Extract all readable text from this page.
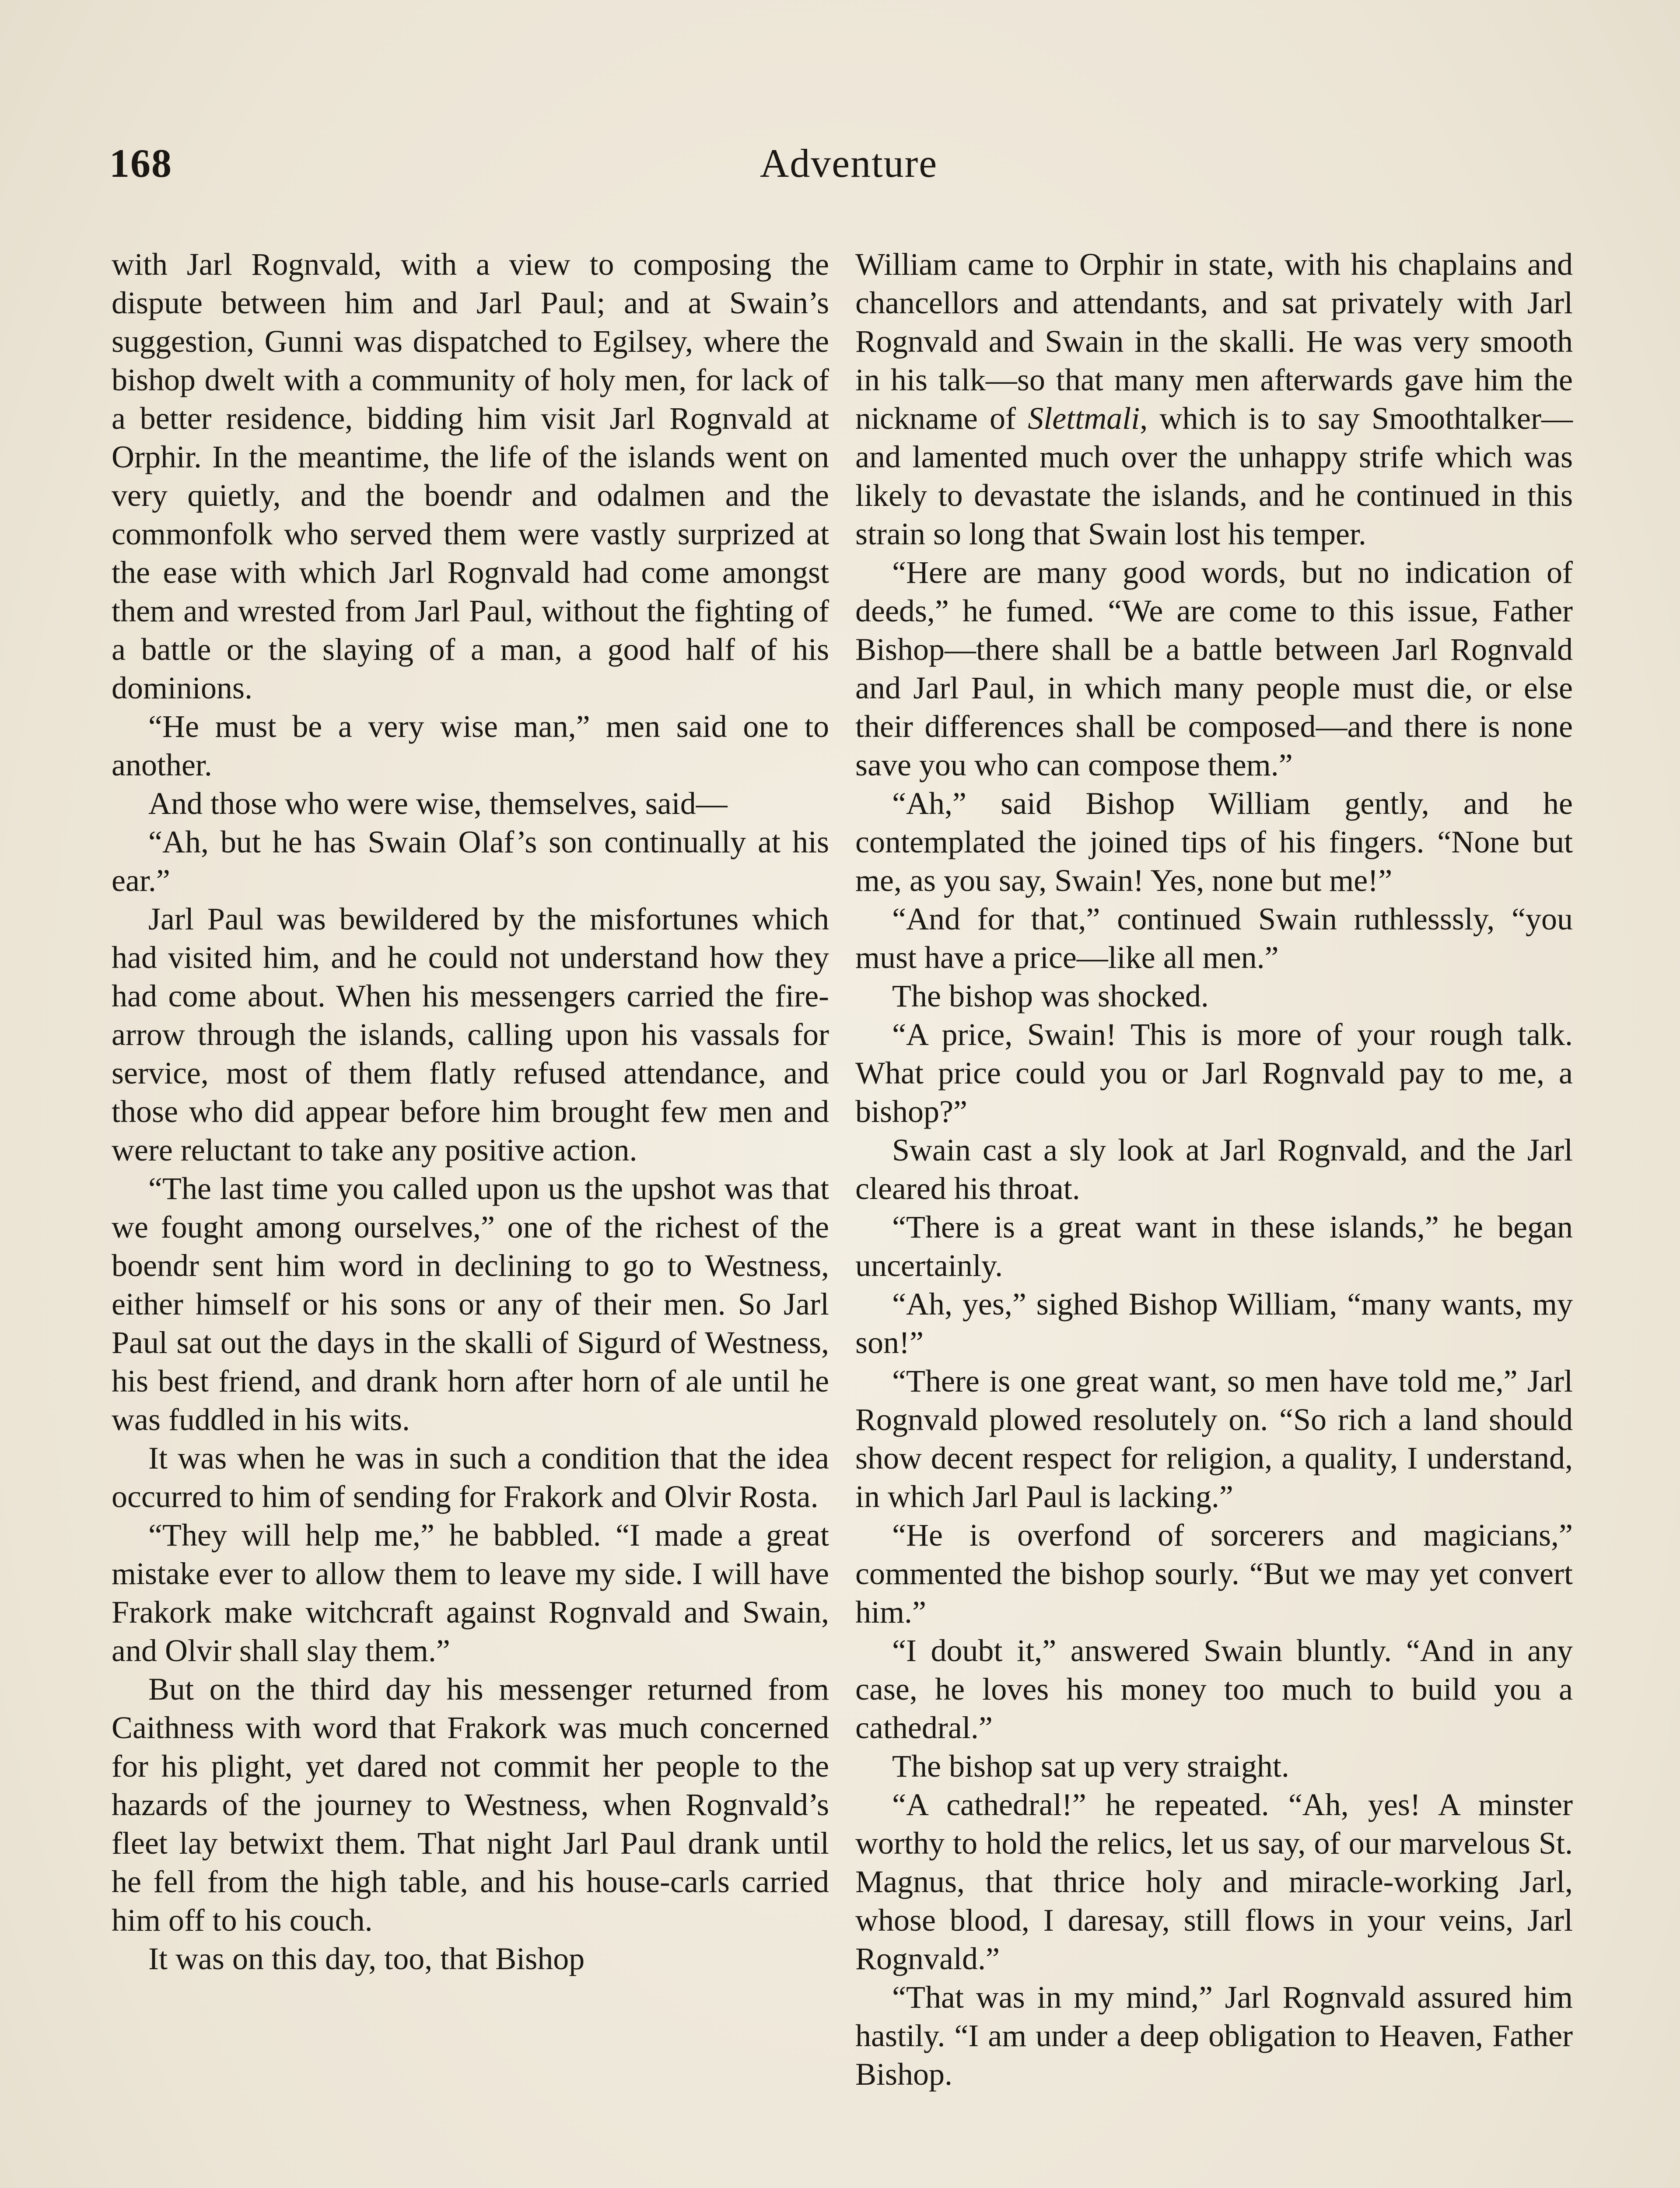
168	Adventure

with Jarl Rognvald, with a view to composing the dispute between him and Jarl Paul; and at Swain’s suggestion, Gunni was dispatched to Egilsey, where the bishop dwelt with a community of holy men, for lack of a better residence, bidding him visit Jarl Rognvald at Orphir. In the meantime, the life of the islands went on very quietly, and the boendr and odalmen and the commonfolk who served them were vastly surprized at the ease with which Jarl Rognvald had come amongst them and wrested from Jarl Paul, without the fighting of a battle or the slaying of a man, a good half of his dominions.

“He must be a very wise man,” men said one to another.

And those who were wise, themselves, said—

“Ah, but he has Swain Olaf’s son continually at his ear.”

Jarl Paul was bewildered by the misfortunes which had visited him, and he could not understand how they had come about. When his messengers carried the fire-arrow through the islands, calling upon his vassals for service, most of them flatly refused attendance, and those who did appear before him brought few men and were reluctant to take any positive action.

“The last time you called upon us the upshot was that we fought among ourselves,” one of the richest of the boendr sent him word in declining to go to Westness, either himself or his sons or any of their men. So Jarl Paul sat out the days in the skalli of Sigurd of Westness, his best friend, and drank horn after horn of ale until he was fuddled in his wits.

It was when he was in such a condition that the idea occurred to him of sending for Frakork and Olvir Rosta.

“They will help me,” he babbled. “I made a great mistake ever to allow them to leave my side. I will have Frakork make witchcraft against Rognvald and Swain, and Olvir shall slay them.”

But on the third day his messenger returned from Caithness with word that Frakork was much concerned for his plight, yet dared not commit her people to the hazards of the journey to Westness, when Rognvald’s fleet lay betwixt them. That night Jarl Paul drank until he fell from the high table, and his house-carls carried him off to his couch.

It was on this day, too, that Bishop

William came to Orphir in state, with his chaplains and chancellors and attendants, and sat privately with Jarl Rognvald and Swain in the skalli. He was very smooth in his talk—so that many men afterwards gave him the nickname of Slettmali, which is to say Smoothtalker—and lamented much over the unhappy strife which was likely to devastate the islands, and he continued in this strain so long that Swain lost his temper.

“Here are many good words, but no indication of deeds,” he fumed. “We are come to this issue, Father Bishop—there shall be a battle between Jarl Rognvald and Jarl Paul, in which many people must die, or else their differences shall be composed—and there is none save you who can compose them.”

“Ah,” said Bishop William gently, and he contemplated the joined tips of his fingers. “None but me, as you say, Swain! Yes, none but me!”

“And for that,” continued Swain ruthlesssly, “you must have a price—like all men.”

The bishop was shocked.

“A price, Swain! This is more of your rough talk. What price could you or Jarl Rognvald pay to me, a bishop?”

Swain cast a sly look at Jarl Rognvald, and the Jarl cleared his throat.

“There is a great want in these islands,” he began uncertainly.

“Ah, yes,” sighed Bishop William, “many wants, my son!”

“There is one great want, so men have told me,” Jarl Rognvald plowed resolutely on. “So rich a land should show decent respect for religion, a quality, I understand, in which Jarl Paul is lacking.”

“He is overfond of sorcerers and magicians,” commented the bishop sourly. “But we may yet convert him.”

“I doubt it,” answered Swain bluntly. “And in any case, he loves his money too much to build you a cathedral.”

The bishop sat up very straight.

“A cathedral!” he repeated. “Ah, yes! A minster worthy to hold the relics, let us say, of our marvelous St. Magnus, that thrice holy and miracle-working Jarl, whose blood, I daresay, still flows in your veins, Jarl Rognvald.”

“That was in my mind,” Jarl Rognvald assured him hastily. “I am under a deep obligation to Heaven, Father Bishop.
